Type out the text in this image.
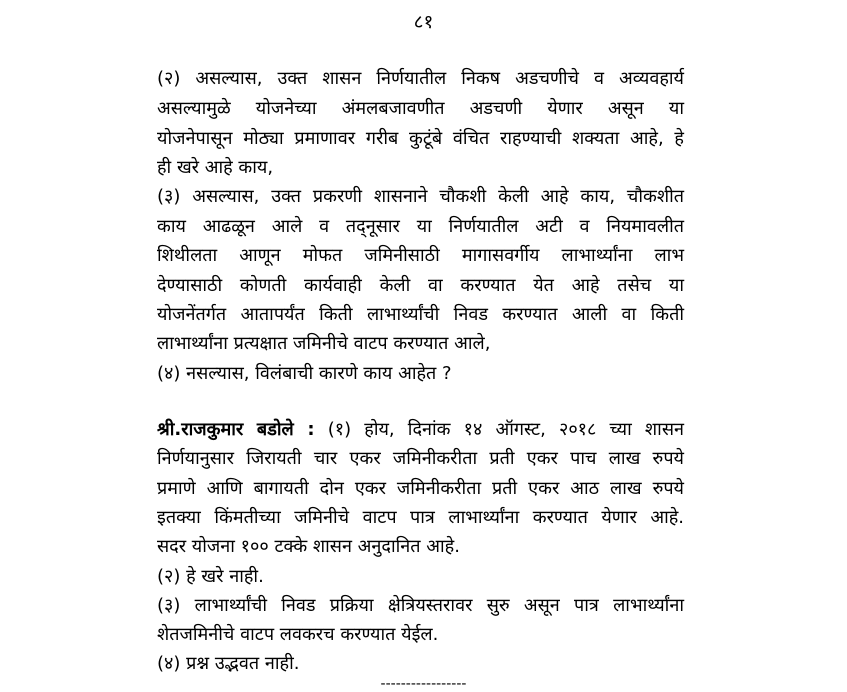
८१
(२) असल्यास, उक्त शासन निर्णयातील निकष अडचणीचे व अव्यवहार्य
असल्यामुळे योजनेच्या अंमलबजावणीत अडचणी येणार असून या
योजनेपासून मोठ्या प्रमाणावर गरीब कुटूंबे वंचित राहण्याची शक्यता आहे, हे
ही खरे आहे काय,
(३) असल्यास, उक्त प्रकरणी शासनाने चौकशी केली आहे काय, चौकशीत
काय आढळून आले व तद्नूसार या निर्णयातील अटी व नियमावलीत
शिथीलता आणून मोफत जमिनीसाठी मागासवर्गीय लाभार्थ्यांना लाभ
देण्यासाठी कोणती कार्यवाही केली वा करण्यात येत आहे तसेच या
योजनेंतर्गत आतापर्यंत किती लाभार्थ्यांची निवड करण्यात आली वा किती
लाभार्थ्यांना प्रत्यक्षात जमिनीचे वाटप करण्यात आले,
(४) नसल्यास, विलंबाची कारणे काय आहेत ?
श्री.राजकुमार बडोले : (१) होय, दिनांक १४ ऑगस्ट, २०१८ च्या शासन
निर्णयानुसार जिरायती चार एकर जमिनीकरीता प्रती एकर पाच लाख रुपये
प्रमाणे आणि बागायती दोन एकर जमिनीकरीता प्रती एकर आठ लाख रुपये
इतक्या किंमतीच्या जमिनीचे वाटप पात्र लाभार्थ्यांना करण्यात येणार आहे.
सदर योजना १०० टक्के शासन अनुदानित आहे.
(२) हे खरे नाही.
(३) लाभार्थ्यांची निवड प्रक्रिया क्षेत्रियस्तरावर सुरु असून पात्र लाभार्थ्यांना
शेतजमिनीचे वाटप लवकरच करण्यात येईल.
(४) प्रश्न उद्भवत नाही.
-----------------
